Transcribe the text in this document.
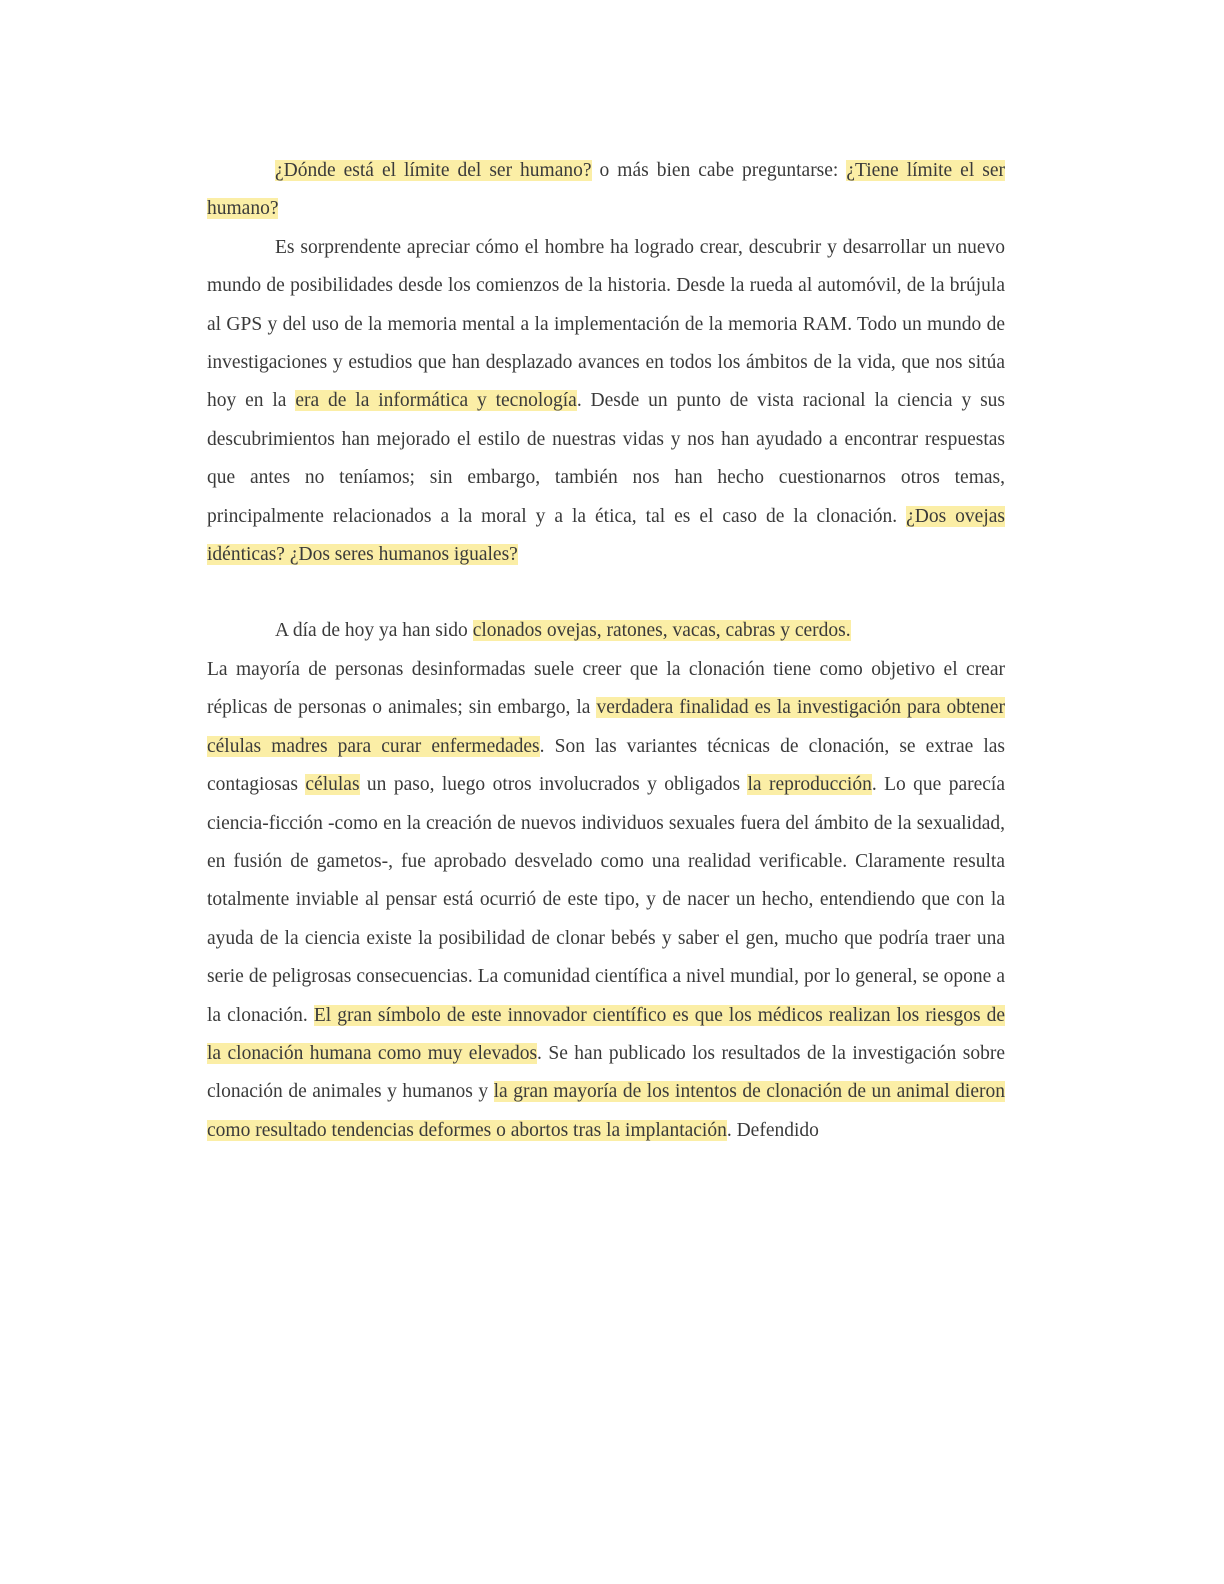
¿Dónde está el límite del ser humano? o más bien cabe preguntarse: ¿Tiene límite el ser humano?

Es sorprendente apreciar cómo el hombre ha logrado crear, descubrir y desarrollar un nuevo mundo de posibilidades desde los comienzos de la historia. Desde la rueda al automóvil, de la brújula al GPS y del uso de la memoria mental a la implementación de la memoria RAM. Todo un mundo de investigaciones y estudios que han desplazado avances en todos los ámbitos de la vida, que nos sitúa hoy en la era de la informática y tecnología. Desde un punto de vista racional la ciencia y sus descubrimientos han mejorado el estilo de nuestras vidas y nos han ayudado a encontrar respuestas que antes no teníamos; sin embargo, también nos han hecho cuestionarnos otros temas, principalmente relacionados a la moral y a la ética, tal es el caso de la clonación. ¿Dos ovejas idénticas? ¿Dos seres humanos iguales?

A día de hoy ya han sido clonados ovejas, ratones, vacas, cabras y cerdos.

La mayoría de personas desinformadas suele creer que la clonación tiene como objetivo el crear réplicas de personas o animales; sin embargo, la verdadera finalidad es la investigación para obtener células madres para curar enfermedades. Son las variantes técnicas de clonación, se extrae las contagiosas células un paso, luego otros involucrados y obligados la reproducción. Lo que parecía ciencia-ficción -como en la creación de nuevos individuos sexuales fuera del ámbito de la sexualidad, en fusión de gametos-, fue aprobado desvelado como una realidad verificable. Claramente resulta totalmente inviable al pensar está ocurrió de este tipo, y de nacer un hecho, entendiendo que con la ayuda de la ciencia existe la posibilidad de clonar bebés y saber el gen, mucho que podría traer una serie de peligrosas consecuencias. La comunidad científica a nivel mundial, por lo general, se opone a la clonación. El gran símbolo de este innovador científico es que los médicos realizan los riesgos de la clonación humana como muy elevados. Se han publicado los resultados de la investigación sobre clonación de animales y humanos y la gran mayoría de los intentos de clonación de un animal dieron como resultado tendencias deformes o abortos tras la implantación. Defendido
